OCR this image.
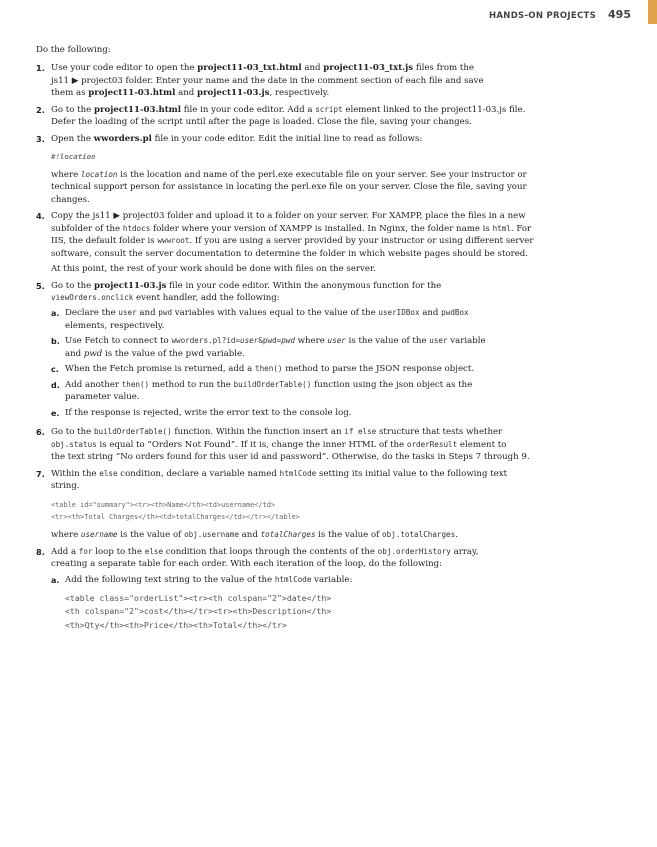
HANDS-ON PROJECTS 495

Do the following:

1. Use your code editor to open the project11-03_txt.html and project11-03_txt.js files from the
js11 ▶ project03 folder. Enter your name and the date in the comment section of each file and save
them as project11-03.html and project11-03.js, respectively.
2. Go to the project11-03.html file in your code editor. Add a script element linked to the project11-03.js file.
Defer the loading of the script until after the page is loaded. Close the file, saving your changes.
3. Open the wworders.pl file in your code editor. Edit the initial line to read as follows:
#!location
where location is the location and name of the perl.exe executable file on your server. See your instructor or
technical support person for assistance in locating the perl.exe file on your server. Close the file, saving your
changes.
4. Copy the js11 ▶ project03 folder and upload it to a folder on your server. For XAMPP, place the files in a new
subfolder of the htdocs folder where your version of XAMPP is installed. In Nginx, the folder name is html. For
IIS, the default folder is wwwroot. If you are using a server provided by your instructor or using different server
software, consult the server documentation to determine the folder in which website pages should be stored.
At this point, the rest of your work should be done with files on the server.
5. Go to the project11-03.js file in your code editor. Within the anonymous function for the
viewOrders.onclick event handler, add the following:
a. Declare the user and pwd variables with values equal to the value of the userIDBox and pwdBox
elements, respectively.
b. Use Fetch to connect to wworders.pl?id=user&pwd=pwd where user is the value of the user variable
and pwd is the value of the pwd variable.
c. When the Fetch promise is returned, add a then() method to parse the JSON response object.
d. Add another then() method to run the buildOrderTable() function using the json object as the
parameter value.
e. If the response is rejected, write the error text to the console log.
6. Go to the buildOrderTable() function. Within the function insert an if else structure that tests whether
obj.status is equal to “Orders Not Found”. If it is, change the inner HTML of the orderResult element to
the text string “No orders found for this user id and password”. Otherwise, do the tasks in Steps 7 through 9.
7. Within the else condition, declare a variable named htmlCode setting its initial value to the following text
string.
<table id="summary"><tr><th>Name</th><td>username</td>
<tr><th>Total Charges</th><td>totalCharges</td></tr></table>
where username is the value of obj.username and totalCharges is the value of obj.totalCharges.
8. Add a for loop to the else condition that loops through the contents of the obj.orderHistory array,
creating a separate table for each order. With each iteration of the loop, do the following:
a. Add the following text string to the value of the htmlCode variable:
<table class="orderList"><tr><th colspan="2">date</th>
<th colspan="2">cost</th></tr><tr><th>Description</th>
<th>Qty</th><th>Price</th><th>Total</th></tr>
